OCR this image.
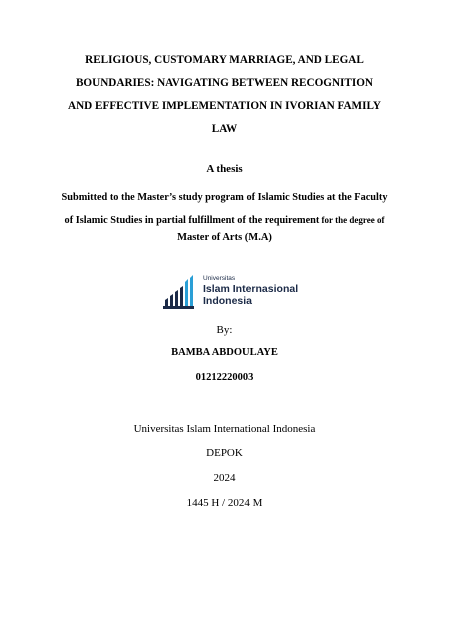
RELIGIOUS, CUSTOMARY MARRIAGE, AND LEGAL
BOUNDARIES: NAVIGATING BETWEEN RECOGNITION
AND EFFECTIVE IMPLEMENTATION IN IVORIAN FAMILY
LAW
A thesis
Submitted to the Master’s study program of Islamic Studies at the Faculty
of Islamic Studies in partial fulfillment of the requirement for the degree of
Master of Arts (M.A)
Universitas
Islam Internasional
Indonesia
By:
BAMBA ABDOULAYE
01212220003
Universitas Islam International Indonesia
DEPOK
2024
1445 H / 2024 M
